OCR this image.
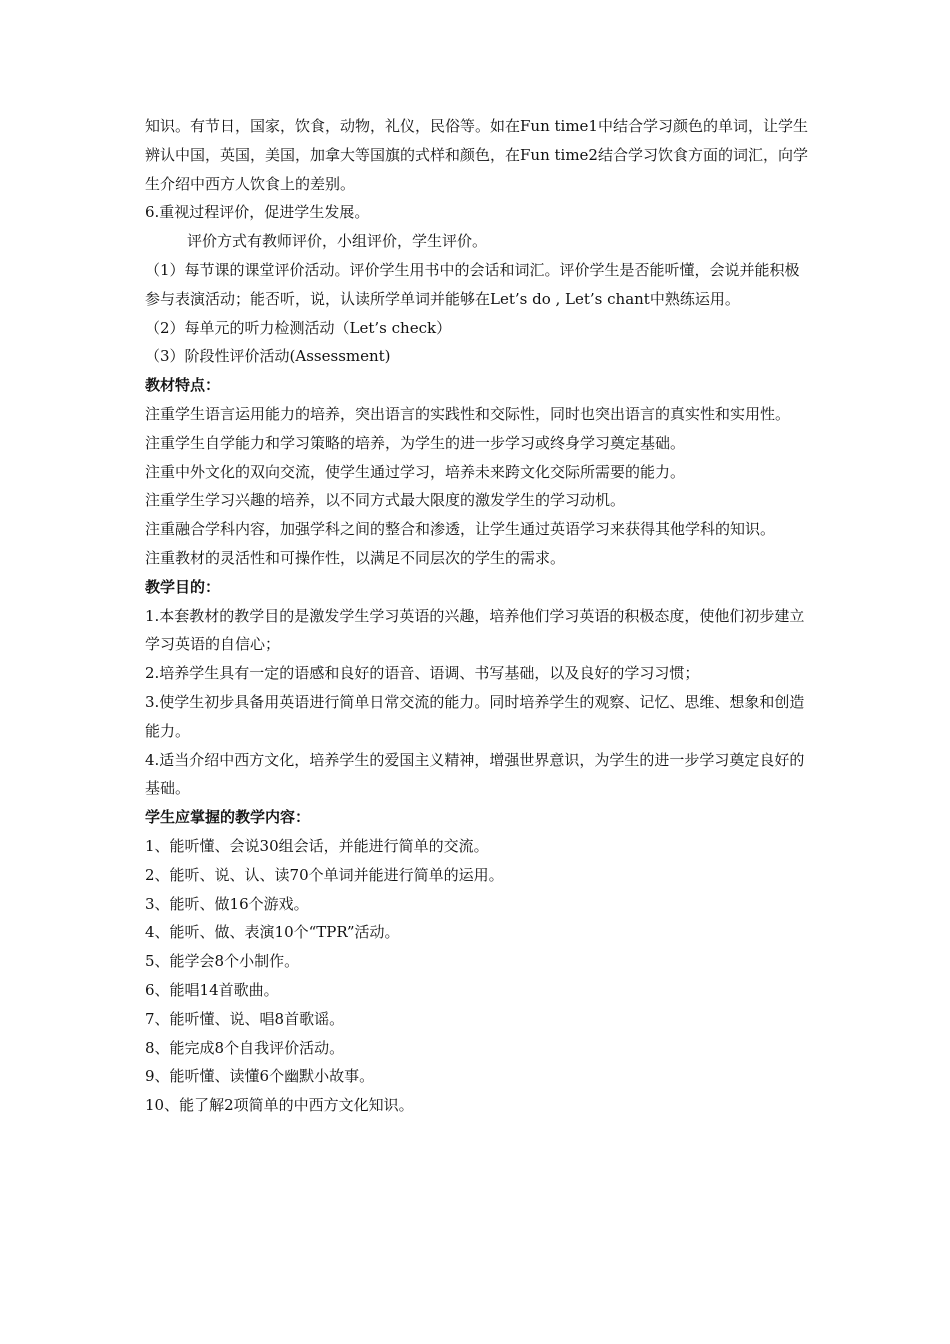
知识。有节日，国家，饮食，动物，礼仪，民俗等。如在Fun time1中结合学习颜色的单词，让学生辨认中国，英国，美国，加拿大等国旗的式样和颜色，在Fun time2结合学习饮食方面的词汇，向学生介绍中西方人饮食上的差别。

6.重视过程评价，促进学生发展。

评价方式有教师评价，小组评价，学生评价。

（1）每节课的课堂评价活动。评价学生用书中的会话和词汇。评价学生是否能听懂，会说并能积极参与表演活动；能否听，说，认读所学单词并能够在Let’s do , Let’s chant中熟练运用。

（2）每单元的听力检测活动（Let’s check）

（3）阶段性评价活动(Assessment)

教材特点：

注重学生语言运用能力的培养，突出语言的实践性和交际性，同时也突出语言的真实性和实用性。

注重学生自学能力和学习策略的培养，为学生的进一步学习或终身学习奠定基础。

注重中外文化的双向交流，使学生通过学习，培养未来跨文化交际所需要的能力。

注重学生学习兴趣的培养，以不同方式最大限度的激发学生的学习动机。

注重融合学科内容，加强学科之间的整合和渗透，让学生通过英语学习来获得其他学科的知识。

注重教材的灵活性和可操作性，以满足不同层次的学生的需求。

教学目的：

1.本套教材的教学目的是激发学生学习英语的兴趣，培养他们学习英语的积极态度，使他们初步建立学习英语的自信心；

2.培养学生具有一定的语感和良好的语音、语调、书写基础，以及良好的学习习惯；

3.使学生初步具备用英语进行简单日常交流的能力。同时培养学生的观察、记忆、思维、想象和创造能力。

4.适当介绍中西方文化，培养学生的爱国主义精神，增强世界意识，为学生的进一步学习奠定良好的基础。

学生应掌握的教学内容：

1、能听懂、会说30组会话，并能进行简单的交流。

2、能听、说、认、读70个单词并能进行简单的运用。

3、能听、做16个游戏。

4、能听、做、表演10个“TPR”活动。

5、能学会8个小制作。

6、能唱14首歌曲。

7、能听懂、说、唱8首歌谣。

8、能完成8个自我评价活动。

9、能听懂、读懂6个幽默小故事。

10、能了解2项简单的中西方文化知识。
